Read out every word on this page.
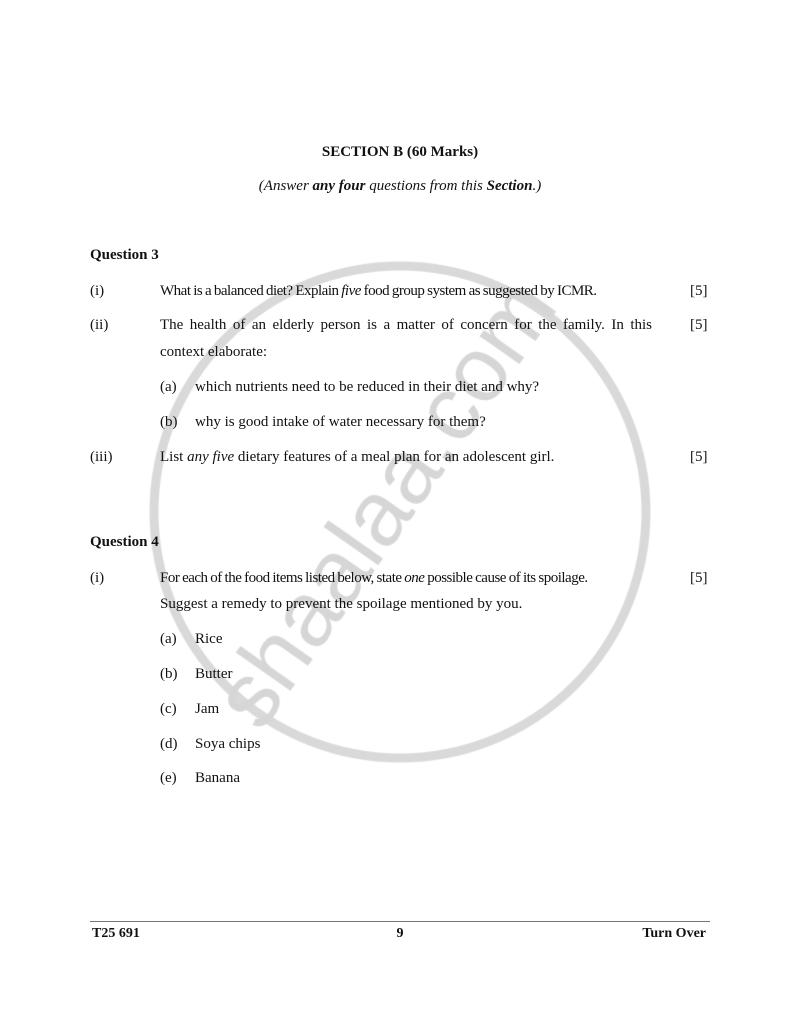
SECTION B (60 Marks)
(Answer any four questions from this Section.)
Question 3
(i)	What is a balanced diet? Explain five food group system as suggested by ICMR.	[5]
(ii)	The health of an elderly person is a matter of concern for the family. In this	[5]
context elaborate:
(a) which nutrients need to be reduced in their diet and why?
(b) why is good intake of water necessary for them?
(iii)	List any five dietary features of a meal plan for an adolescent girl.	[5]
Question 4
(i)	For each of the food items listed below, state one possible cause of its spoilage.	[5]
Suggest a remedy to prevent the spoilage mentioned by you.
(a) Rice
(b) Butter
(c) Jam
(d) Soya chips
(e) Banana
T25 691	9	Turn Over
